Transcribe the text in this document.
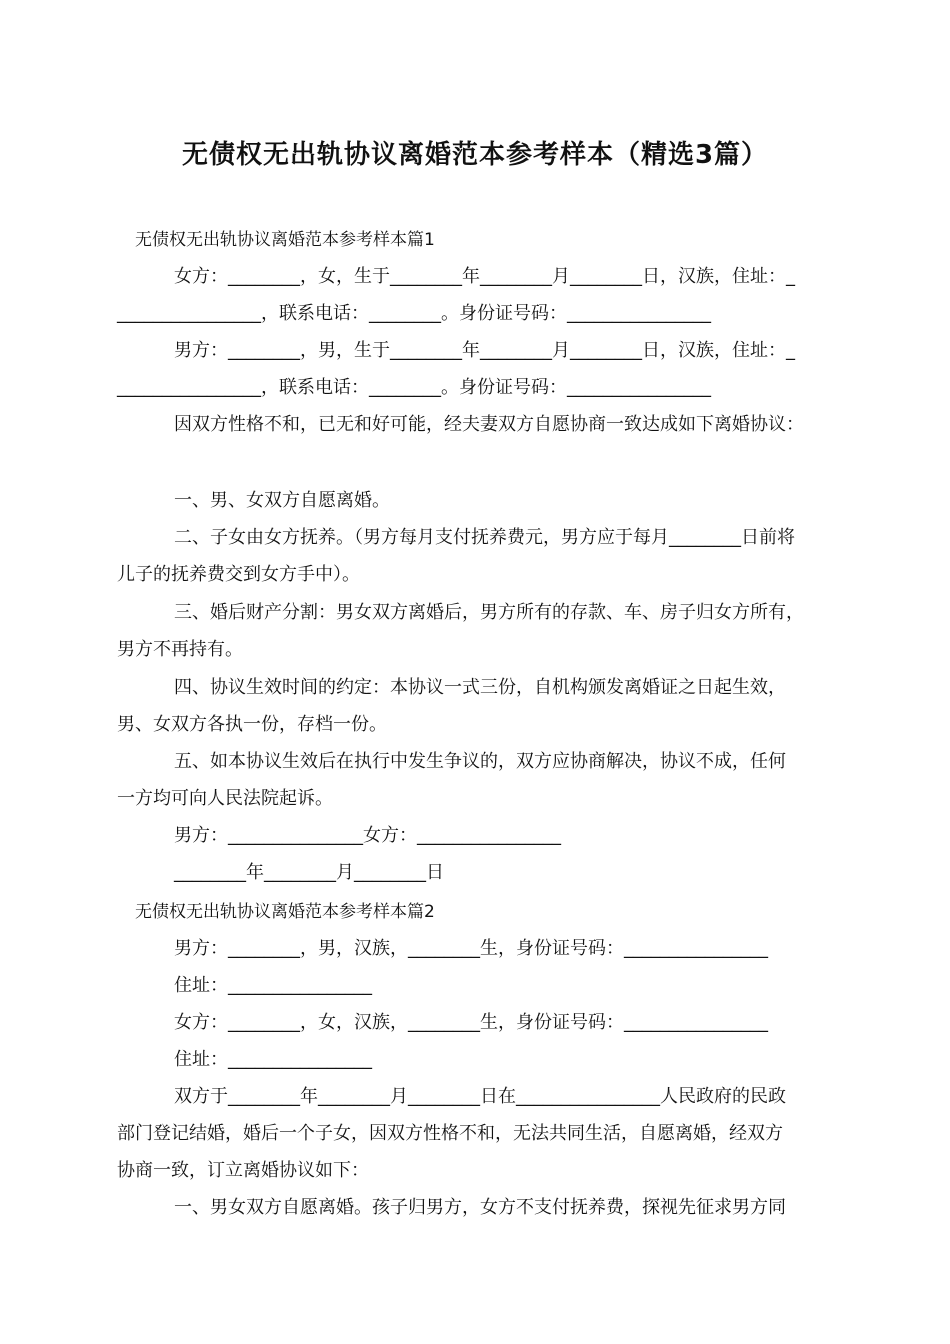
无债权无出轨协议离婚范本参考样本（精选3篇）
无债权无出轨协议离婚范本参考样本篇1
女方：________，女，生于________年________月________日，汉族，住址：_
________________，联系电话：________。身份证号码：________________
男方：________，男，生于________年________月________日，汉族，住址：_
________________，联系电话：________。身份证号码：________________
因双方性格不和，已无和好可能，经夫妻双方自愿协商一致达成如下离婚协议：
一、男、女双方自愿离婚。
二、子女由女方抚养。（男方每月支付抚养费元，男方应于每月________日前将
儿子的抚养费交到女方手中）。
三、婚后财产分割：男女双方离婚后，男方所有的存款、车、房子归女方所有，
男方不再持有。
四、协议生效时间的约定：本协议一式三份，自机构颁发离婚证之日起生效，
男、女双方各执一份，存档一份。
五、如本协议生效后在执行中发生争议的，双方应协商解决，协议不成，任何
一方均可向人民法院起诉。
男方：_______________女方：________________
________年________月________日
无债权无出轨协议离婚范本参考样本篇2
男方：________，男，汉族，________生，身份证号码：________________
住址：________________
女方：________，女，汉族，________生，身份证号码：________________
住址：________________
双方于________年________月________日在________________人民政府的民政
部门登记结婚，婚后一个子女，因双方性格不和，无法共同生活，自愿离婚，经双方
协商一致，订立离婚协议如下：
一、男女双方自愿离婚。孩子归男方，女方不支付抚养费，探视先征求男方同
